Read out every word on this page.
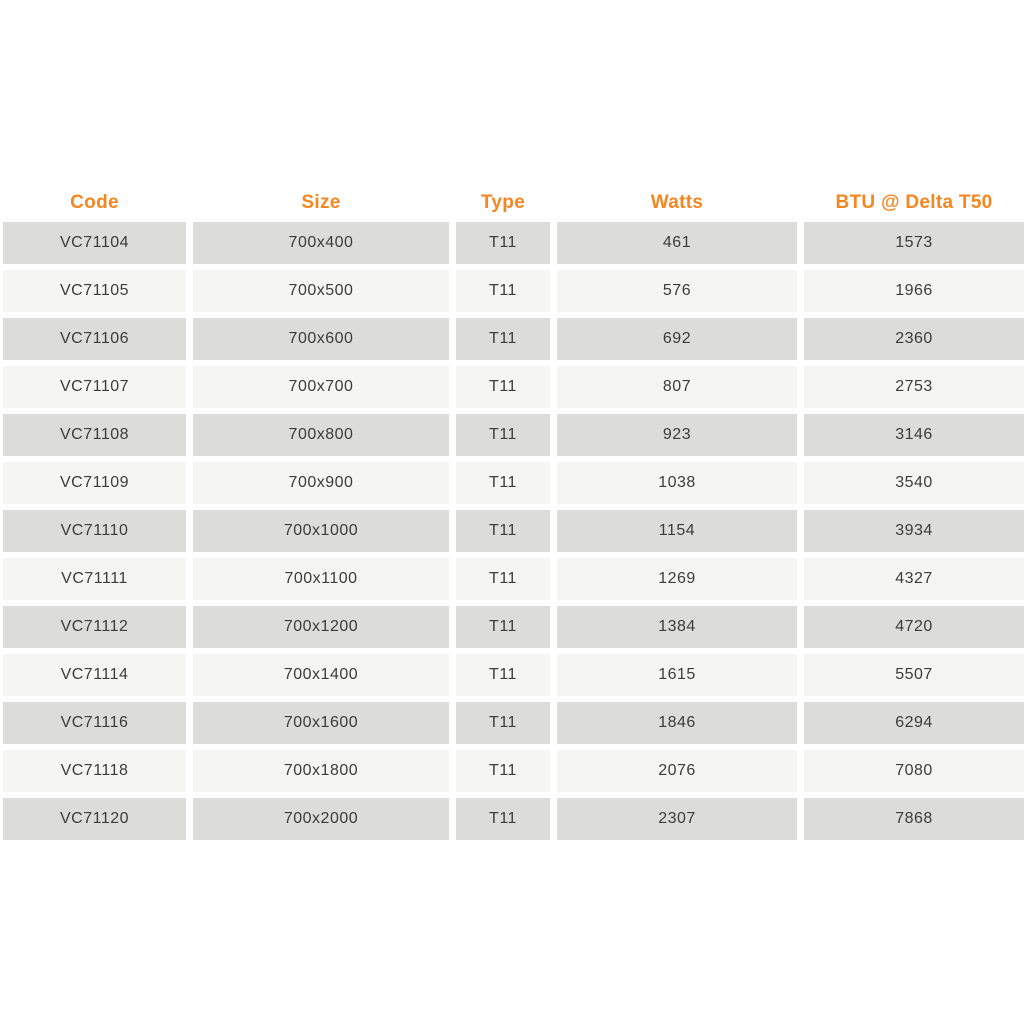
Code	Size	Type	Watts	BTU @ Delta T50
VC71104	700x400	T11	461	1573
VC71105	700x500	T11	576	1966
VC71106	700x600	T11	692	2360
VC71107	700x700	T11	807	2753
VC71108	700x800	T11	923	3146
VC71109	700x900	T11	1038	3540
VC71110	700x1000	T11	1154	3934
VC71111	700x1100	T11	1269	4327
VC71112	700x1200	T11	1384	4720
VC71114	700x1400	T11	1615	5507
VC71116	700x1600	T11	1846	6294
VC71118	700x1800	T11	2076	7080
VC71120	700x2000	T11	2307	7868
